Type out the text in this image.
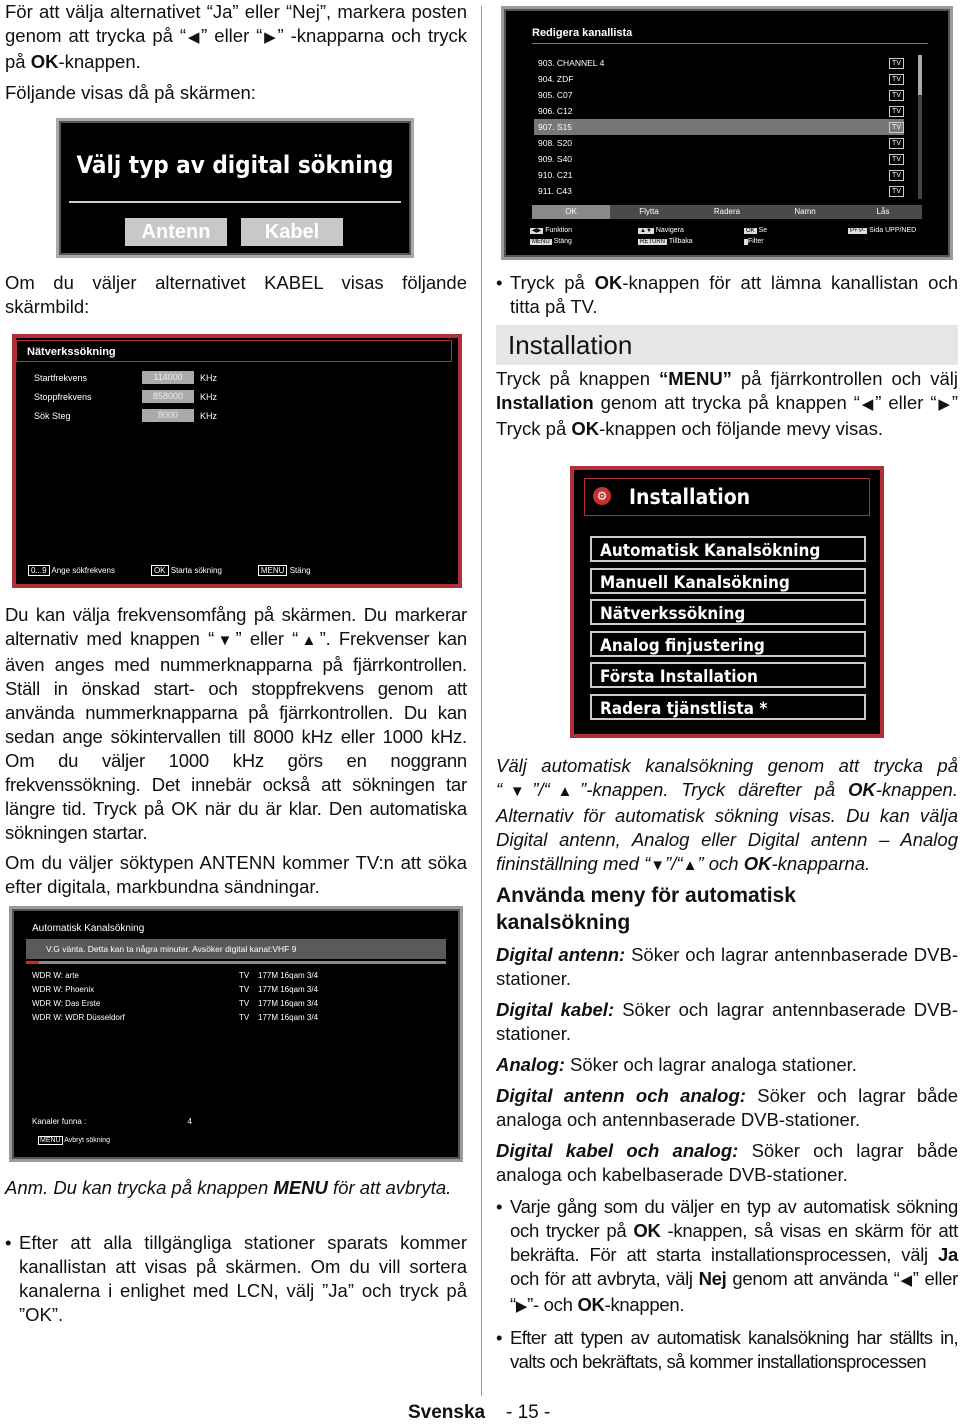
För att välja alternativet “Ja” eller “Nej”, markera posten genom att trycka på “◀” eller “▶” -knapparna och tryck på OK-knappen.

Följande visas då på skärmen:

Välj typ av digital sökning
Antenn	Kabel
Om du väljer alternativet KABEL visas följande skärmbild:
Nätverkssökning
Startfrekvens	114000	KHz
Stoppfrekvens	858000	KHz
Sök Steg	8000	KHz
0...9 Ange sökfrekvens	OK Starta sökning	MENU Stäng
Du kan välja frekvensomfång på skärmen. Du markerar alternativ med knappen “▼” eller “▲”. Frekvenser kan även anges med nummerknapparna på fjärrkontrollen. Ställ in önskad start- och stoppfrekvens genom att använda nummerknapparna på fjärrkontrollen. Du kan sedan ange sökintervallen till 8000 kHz eller 1000 kHz. Om du väljer 1000 kHz görs en noggrann frekvenssökning. Det innebär också att sökningen tar längre tid. Tryck på OK när du är klar. Den automatiska sökningen startar.
Om du väljer söktypen ANTENN kommer TV:n att söka efter digitala, markbundna sändningar.
Automatisk Kanalsökning
V.G vänta. Detta kan ta några minuter. Avsöker digital kanal:VHF 9
WDR W: arte	TV 177M 16qam 3/4
WDR W: Phoenix	TV 177M 16qam 3/4
WDR W: Das Erste	TV 177M 16qam 3/4
WDR W: WDR Düsseldorf	TV 177M 16qam 3/4
Kanaler funna :	4
MENU Avbryt sökning
Anm. Du kan trycka på knappen MENU för att avbryta.
• Efter att alla tillgängliga stationer sparats kommer kanallistan att visas på skärmen. Om du vill sortera kanalerna i enlighet med LCN, välj ”Ja” och tryck på ”OK”.
Redigera kanallista
903. CHANNEL 4	TV
904. ZDF	TV
905. C07	TV
906. C12	TV
907. S15	TV
908. S20	TV
909. S40	TV
910. C21	TV
911. C43	TV
OK	Flytta	Radera	Namn	Lås
◀▶ Funktion	▲▼ Navigera	OK Se	P+ P- Sida UPP/NED
MENU Stäng	RETURN Tillbaka	Filter
• Tryck på OK-knappen för att lämna kanallistan och titta på TV.
Installation
Tryck på knappen “MENU” på fjärrkontrollen och välj Installation genom att trycka på knappen “◀” eller “▶” Tryck på OK-knappen och följande mevy visas.
⚙ Installation
Automatisk Kanalsökning
Manuell Kanalsökning
Nätverkssökning
Analog finjustering
Första Installation
Radera tjänstlista *
Välj automatisk kanalsökning genom att trycka på “▼”/“▲”-knappen. Tryck därefter på OK-knappen. Alternativ för automatisk sökning visas. Du kan välja Digital antenn, Analog eller Digital antenn – Analog fininställning med “▼”/“▲” och OK-knapparna.
Använda meny för automatisk kanalsökning

Digital antenn: Söker och lagrar antennbaserade DVB-stationer.

Digital kabel: Söker och lagrar antennbaserade DVB-stationer.

Analog: Söker och lagrar analoga stationer.

Digital antenn och analog: Söker och lagrar både analoga och antennbaserade DVB-stationer.

Digital kabel och analog: Söker och lagrar både analoga och kabelbaserade DVB-stationer.

• Varje gång som du väljer en typ av automatisk sökning och trycker på OK -knappen, så visas en skärm för att bekräfta. För att starta installationsprocessen, välj Ja och för att avbryta, välj Nej genom att använda “◀” eller “▶”- och OK-knappen.
• Efter att typen av automatisk kanalsökning har ställts in, valts och bekräftats, så kommer installationsprocessen
Svenska - 15 -
